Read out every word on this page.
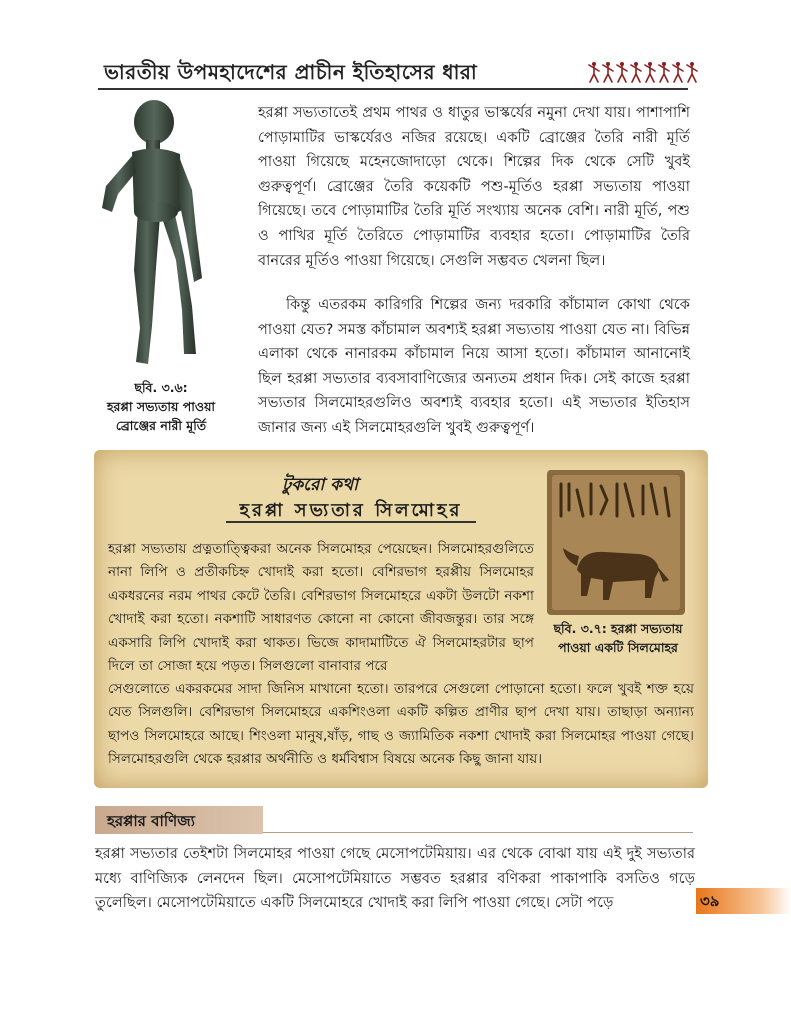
ভারতীয় উপমহাদেশের প্রাচীন ইতিহাসের ধারা
ছবি. ৩.৬:
হরপ্পা সভ্যতায় পাওয়া
ব্রোঞ্জের নারী মূর্তি

হরপ্পা সভ্যতাতেই প্রথম পাথর ও ধাতুর ভাস্কর্যের নমুনা দেখা যায়। পাশাপাশি পোড়ামাটির ভাস্কর্যেরও নজির রয়েছে। একটি ব্রোঞ্জের তৈরি নারী মূর্তি পাওয়া গিয়েছে মহেনজোদাড়ো থেকে। শিল্পের দিক থেকে সেটি খুবই গুরুত্বপূর্ণ। ব্রোঞ্জের তৈরি কয়েকটি পশু-মূর্তিও হরপ্পা সভ্যতায় পাওয়া গিয়েছে। তবে পোড়ামাটির তৈরি মূর্তি সংখ্যায় অনেক বেশি। নারী মূর্তি, পশু ও পাখির মূর্তি তৈরিতে পোড়ামাটির ব্যবহার হতো। পোড়ামাটির তৈরি বানরের মূর্তিও পাওয়া গিয়েছে। সেগুলি সম্ভবত খেলনা ছিল।

কিন্তু এতরকম কারিগরি শিল্পের জন্য দরকারি কাঁচামাল কোথা থেকে পাওয়া যেত? সমস্ত কাঁচামাল অবশ্যই হরপ্পা সভ্যতায় পাওয়া যেত না। বিভিন্ন এলাকা থেকে নানারকম কাঁচামাল নিয়ে আসা হতো। কাঁচামাল আনানোই ছিল হরপ্পা সভ্যতার ব্যবসাবাণিজ্যের অন্যতম প্রধান দিক। সেই কাজে হরপ্পা সভ্যতার সিলমোহরগুলিও অবশ্যই ব্যবহার হতো। এই সভ্যতার ইতিহাস জানার জন্য এই সিলমোহরগুলি খুবই গুরুত্বপূর্ণ।

টুকরো কথা
হরপ্পা সভ্যতার সিলমোহর
ছবি. ৩.৭: হরপ্পা সভ্যতায়
পাওয়া একটি সিলমোহর

হরপ্পা সভ্যতায় প্রত্নতাত্ত্বিকরা অনেক সিলমোহর পেয়েছেন। সিলমোহরগুলিতে নানা লিপি ও প্রতীকচিহ্ন খোদাই করা হতো। বেশিরভাগ হরপ্পীয় সিলমোহর একধরনের নরম পাথর কেটে তৈরি। বেশিরভাগ সিলমোহরে একটা উলটো নকশা খোদাই করা হতো। নকশাটি সাধারণত কোনো না কোনো জীবজন্তুর। তার সঙ্গে একসারি লিপি খোদাই করা থাকত। ভিজে কাদামাটিতে ঐ সিলমোহরটার ছাপ দিলে তা সোজা হয়ে পড়ত। সিলগুলো বানাবার পরে

সেগুলোতে একরকমের সাদা জিনিস মাখানো হতো। তারপরে সেগুলো পোড়ানো হতো। ফলে খুবই শক্ত হয়ে যেত সিলগুলি। বেশিরভাগ সিলমোহরে একশিংওলা একটি কল্পিত প্রাণীর ছাপ দেখা যায়। তাছাড়া অন্যান্য ছাপও সিলমোহরে আছে। শিংওলা মানুষ,ষাঁড়, গাছ ও জ্যামিতিক নকশা খোদাই করা সিলমোহর পাওয়া গেছে। সিলমোহরগুলি থেকে হরপ্পার অর্থনীতি ও ধর্মবিশ্বাস বিষয়ে অনেক কিছু জানা যায়।

হরপ্পার বাণিজ্য

হরপ্পা সভ্যতার তেইশটা সিলমোহর পাওয়া গেছে মেসোপটেমিয়ায়। এর থেকে বোঝা যায় এই দুই সভ্যতার মধ্যে বাণিজ্যিক লেনদেন ছিল। মেসোপটেমিয়াতে সম্ভবত হরপ্পার বণিকরা পাকাপাকি বসতিও গড়ে তুলেছিল। মেসোপটেমিয়াতে একটি সিলমোহরে খোদাই করা লিপি পাওয়া গেছে। সেটা পড়ে	৩৯
